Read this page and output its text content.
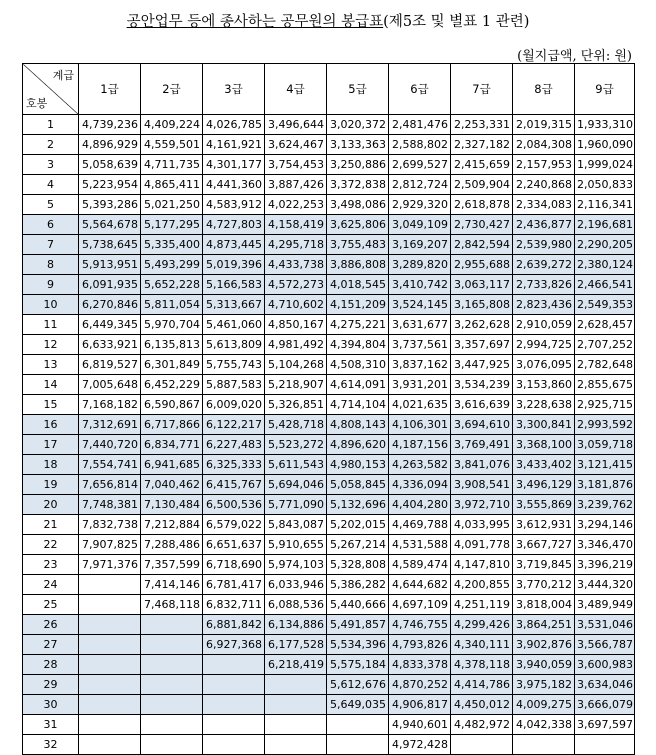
공안업무 등에 종사하는 공무원의 봉급표(제5조 및 별표 1 관련)
(월지급액, 단위: 원)
계급
호봉	1급	2급	3급	4급	5급	6급	7급	8급	9급
1	4,739,236	4,409,224	4,026,785	3,496,644	3,020,372	2,481,476	2,253,331	2,019,315	1,933,310
2	4,896,929	4,559,501	4,161,921	3,624,467	3,133,363	2,588,802	2,327,182	2,084,308	1,960,090
3	5,058,639	4,711,735	4,301,177	3,754,453	3,250,886	2,699,527	2,415,659	2,157,953	1,999,024
4	5,223,954	4,865,411	4,441,360	3,887,426	3,372,838	2,812,724	2,509,904	2,240,868	2,050,833
5	5,393,286	5,021,250	4,583,912	4,022,253	3,498,086	2,929,320	2,618,878	2,334,083	2,116,341
6	5,564,678	5,177,295	4,727,803	4,158,419	3,625,806	3,049,109	2,730,427	2,436,877	2,196,681
7	5,738,645	5,335,400	4,873,445	4,295,718	3,755,483	3,169,207	2,842,594	2,539,980	2,290,205
8	5,913,951	5,493,299	5,019,396	4,433,738	3,886,808	3,289,820	2,955,688	2,639,272	2,380,124
9	6,091,935	5,652,228	5,166,583	4,572,273	4,018,545	3,410,742	3,063,117	2,733,826	2,466,541
10	6,270,846	5,811,054	5,313,667	4,710,602	4,151,209	3,524,145	3,165,808	2,823,436	2,549,353
11	6,449,345	5,970,704	5,461,060	4,850,167	4,275,221	3,631,677	3,262,628	2,910,059	2,628,457
12	6,633,921	6,135,813	5,613,809	4,981,492	4,394,804	3,737,561	3,357,697	2,994,725	2,707,252
13	6,819,527	6,301,849	5,755,743	5,104,268	4,508,310	3,837,162	3,447,925	3,076,095	2,782,648
14	7,005,648	6,452,229	5,887,583	5,218,907	4,614,091	3,931,201	3,534,239	3,153,860	2,855,675
15	7,168,182	6,590,867	6,009,020	5,326,851	4,714,104	4,021,635	3,616,639	3,228,638	2,925,715
16	7,312,691	6,717,866	6,122,217	5,428,718	4,808,143	4,106,301	3,694,610	3,300,841	2,993,592
17	7,440,720	6,834,771	6,227,483	5,523,272	4,896,620	4,187,156	3,769,491	3,368,100	3,059,718
18	7,554,741	6,941,685	6,325,333	5,611,543	4,980,153	4,263,582	3,841,076	3,433,402	3,121,415
19	7,656,814	7,040,462	6,415,767	5,694,046	5,058,845	4,336,094	3,908,541	3,496,129	3,181,876
20	7,748,381	7,130,484	6,500,536	5,771,090	5,132,696	4,404,280	3,972,710	3,555,869	3,239,762
21	7,832,738	7,212,884	6,579,022	5,843,087	5,202,015	4,469,788	4,033,995	3,612,931	3,294,146
22	7,907,825	7,288,486	6,651,637	5,910,655	5,267,214	4,531,588	4,091,778	3,667,727	3,346,470
23	7,971,376	7,357,599	6,718,690	5,974,103	5,328,808	4,589,474	4,147,810	3,719,845	3,396,219
24		7,414,146	6,781,417	6,033,946	5,386,282	4,644,682	4,200,855	3,770,212	3,444,320
25		7,468,118	6,832,711	6,088,536	5,440,666	4,697,109	4,251,119	3,818,004	3,489,949
26			6,881,842	6,134,886	5,491,857	4,746,755	4,299,426	3,864,251	3,531,046
27			6,927,368	6,177,528	5,534,396	4,793,826	4,340,111	3,902,876	3,566,787
28				6,218,419	5,575,184	4,833,378	4,378,118	3,940,059	3,600,983
29					5,612,676	4,870,252	4,414,786	3,975,182	3,634,046
30					5,649,035	4,906,817	4,450,012	4,009,275	3,666,079
31						4,940,601	4,482,972	4,042,338	3,697,597
32						4,972,428			
